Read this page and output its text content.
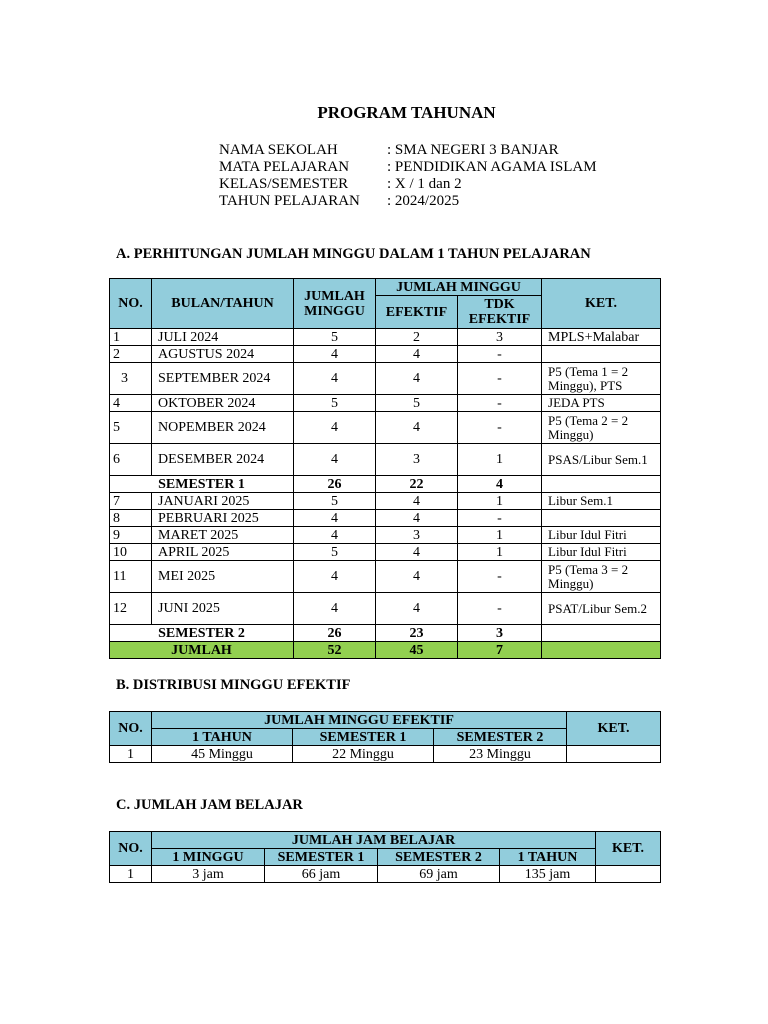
PROGRAM TAHUNAN
NAMA SEKOLAH	: SMA NEGERI 3 BANJAR
MATA PELAJARAN	: PENDIDIKAN AGAMA ISLAM
KELAS/SEMESTER	: X / 1 dan 2
TAHUN PELAJARAN	: 2024/2025
A. PERHITUNGAN JUMLAH MINGGU DALAM 1 TAHUN PELAJARAN
NO.	BULAN/TAHUN	JUMLAH MINGGU	JUMLAH MINGGU		KET.
			EFEKTIF	TDK EFEKTIF	
1	JULI 2024	5	2	3	MPLS+Malabar
2	AGUSTUS 2024	4	4	-	
3	SEPTEMBER 2024	4	4	-	P5 (Tema 1 = 2 Minggu), PTS
4	OKTOBER 2024	5	5	-	JEDA PTS
5	NOPEMBER 2024	4	4	-	P5 (Tema 2 = 2 Minggu)
6	DESEMBER 2024	4	3	1	PSAS/Libur Sem.1
SEMESTER 1		26	22	4	
7	JANUARI 2025	5	4	1	Libur Sem.1
8	PEBRUARI 2025	4	4	-	
9	MARET 2025	4	3	1	Libur Idul Fitri
10	APRIL 2025	5	4	1	Libur Idul Fitri
11	MEI 2025	4	4	-	P5 (Tema 3 = 2 Minggu)
12	JUNI 2025	4	4	-	PSAT/Libur Sem.2
SEMESTER 2		26	23	3	
JUMLAH		52	45	7	
B. DISTRIBUSI MINGGU EFEKTIF
NO.	JUMLAH MINGGU EFEKTIF			KET.
	1 TAHUN	SEMESTER 1	SEMESTER 2	
1	45 Minggu	22 Minggu	23 Minggu	
C. JUMLAH JAM BELAJAR
NO.	JUMLAH JAM BELAJAR				KET.
	1 MINGGU	SEMESTER 1	SEMESTER 2	1 TAHUN	
1	3 jam	66 jam	69 jam	135 jam	
